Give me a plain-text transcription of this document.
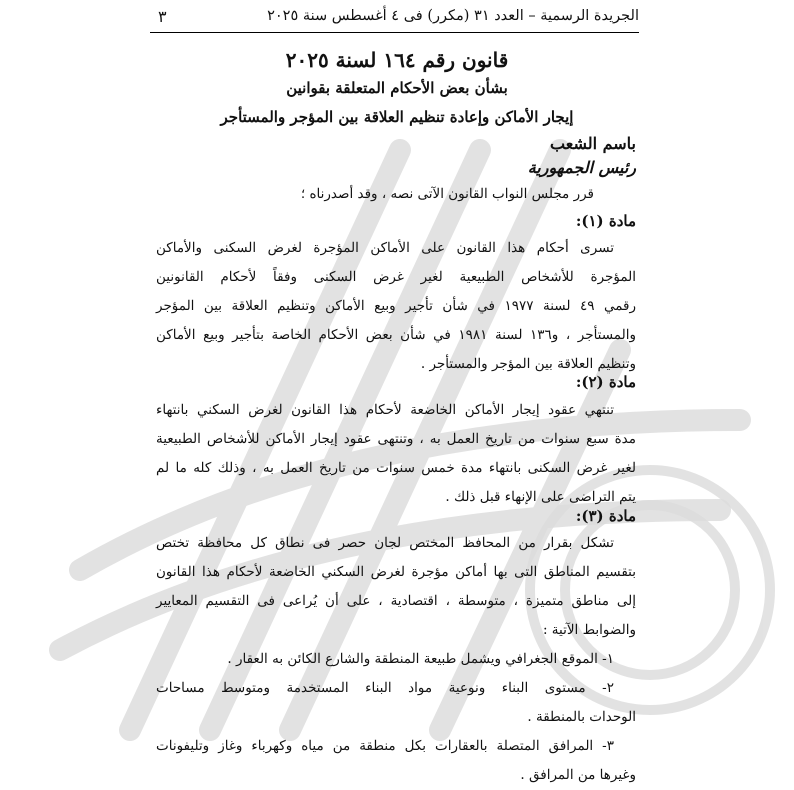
الجريدة الرسمية – العدد ٣١ (مكرر) فى ٤ أغسطس سنة ٢٠٢٥
٣
قانون رقم ١٦٤ لسنة ٢٠٢٥
بشأن بعض الأحكام المتعلقة بقوانين
إيجار الأماكن وإعادة تنظيم العلاقة بين المؤجر والمستأجر
باسم الشعب
رئيس الجمهورية
قرر مجلس النواب القانون الآتى نصه ، وقد أصدرناه ؛
مادة (١):
تسرى أحكام هذا القانون على الأماكن المؤجرة لغرض السكنى والأماكن
المؤجرة للأشخاص الطبيعية لغير غرض السكنى وفقاً لأحكام القانونين
رقمي ٤٩ لسنة ١٩٧٧ في شأن تأجير وبيع الأماكن وتنظيم العلاقة بين المؤجر
والمستأجر ، و١٣٦ لسنة ١٩٨١ في شأن بعض الأحكام الخاصة بتأجير وبيع الأماكن
وتنظيم العلاقة بين المؤجر والمستأجر .
مادة (٢):
تنتهي عقود إيجار الأماكن الخاضعة لأحكام هذا القانون لغرض السكني بانتهاء
مدة سبع سنوات من تاريخ العمل به ، وتنتهى عقود إيجار الأماكن للأشخاص الطبيعية
لغير غرض السكنى بانتهاء مدة خمس سنوات من تاريخ العمل به ، وذلك كله ما لم
يتم التراضى على الإنهاء قبل ذلك .
مادة (٣):
تشكل بقرار من المحافظ المختص لجان حصر فى نطاق كل محافظة تختص
بتقسيم المناطق التى بها أماكن مؤجرة لغرض السكني الخاضعة لأحكام هذا القانون
إلى مناطق متميزة ، متوسطة ، اقتصادية ، على أن يُراعى فى التقسيم المعايير
والضوابط الآتية :
١- الموقع الجغرافي ويشمل طبيعة المنطقة والشارع الكائن به العقار .
٢- مستوى البناء ونوعية مواد البناء المستخدمة ومتوسط مساحات
الوحدات بالمنطقة .
٣- المرافق المتصلة بالعقارات بكل منطقة من مياه وكهرباء وغاز وتليفونات
وغيرها من المرافق .
